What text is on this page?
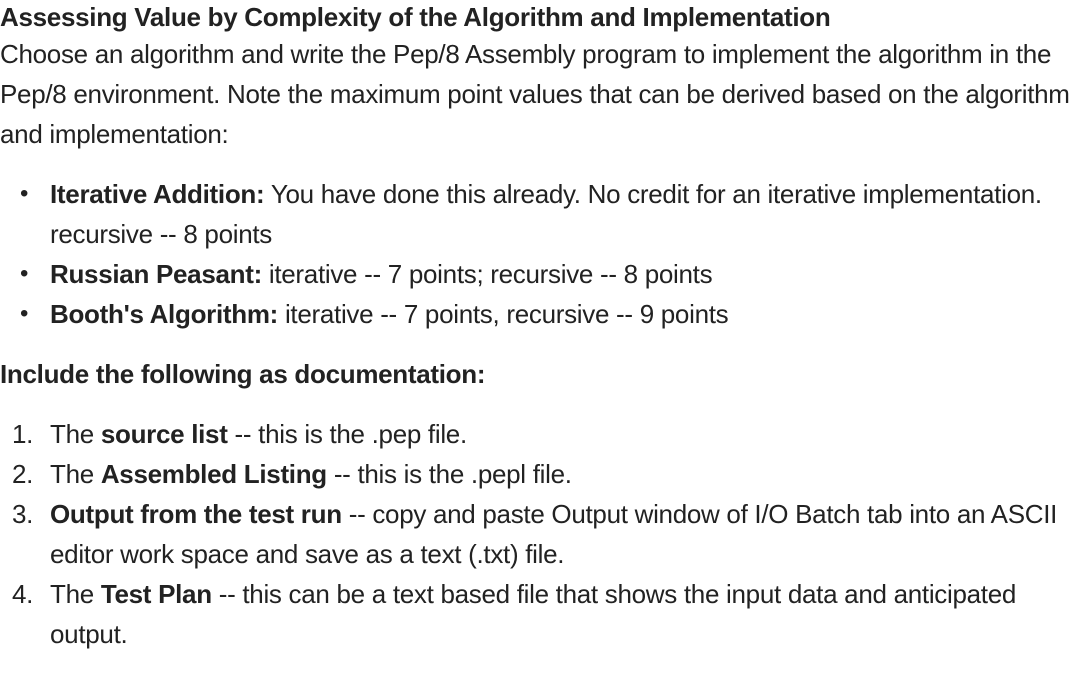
Assessing Value by Complexity of the Algorithm and Implementation

Choose an algorithm and write the Pep/8 Assembly program to implement the algorithm in the Pep/8 environment. Note the maximum point values that can be derived based on the algorithm and implementation:

• Iterative Addition: You have done this already. No credit for an iterative implementation. recursive -- 8 points
• Russian Peasant: iterative -- 7 points; recursive -- 8 points
• Booth's Algorithm: iterative -- 7 points, recursive -- 9 points

Include the following as documentation:

1. The source list -- this is the .pep file.
2. The Assembled Listing -- this is the .pepl file.
3. Output from the test run -- copy and paste Output window of I/O Batch tab into an ASCII editor work space and save as a text (.txt) file.
4. The Test Plan -- this can be a text based file that shows the input data and anticipated output.
